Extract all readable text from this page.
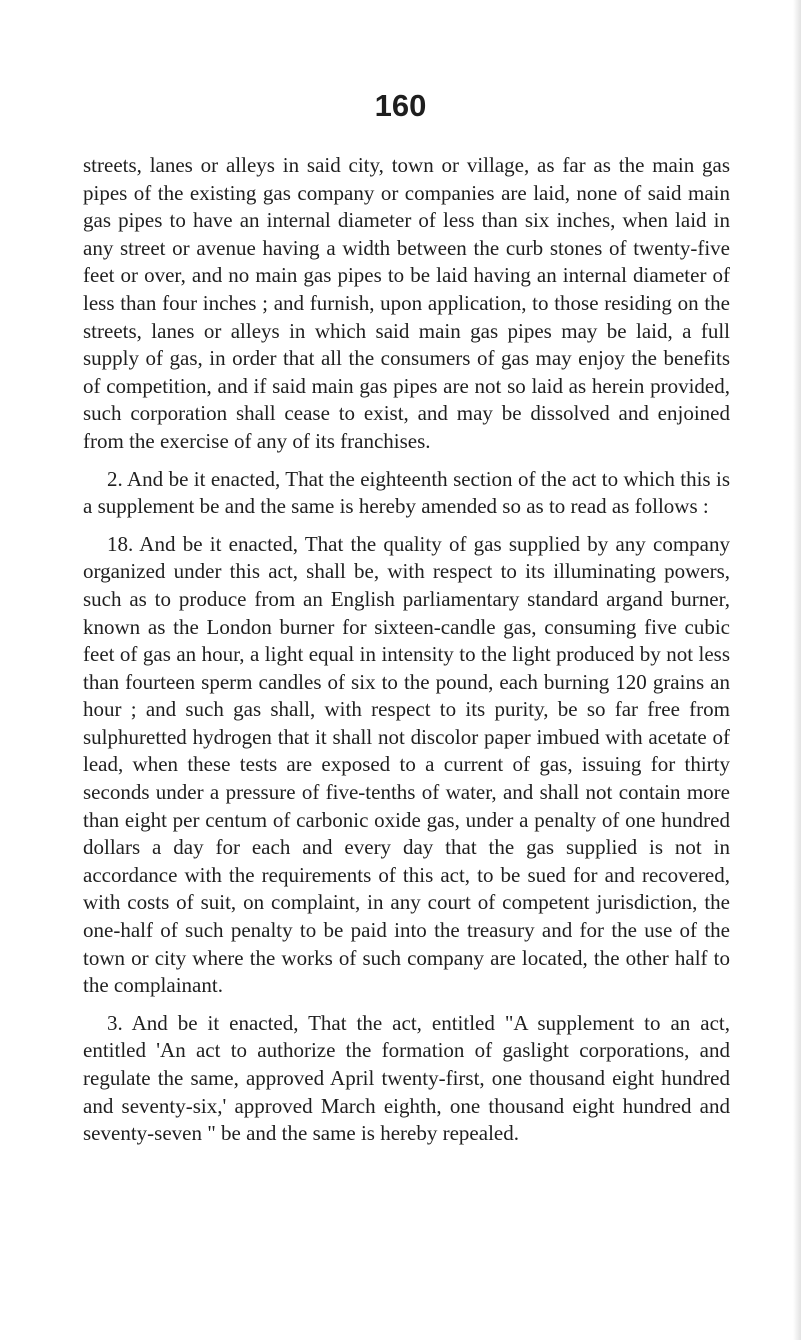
160

streets, lanes or alleys in said city, town or village, as far as the main gas pipes of the existing gas company or companies are laid, none of said main gas pipes to have an internal diameter of less than six inches, when laid in any street or avenue having a width between the curb stones of twenty-five feet or over, and no main gas pipes to be laid having an internal diameter of less than four inches ; and furnish, upon application, to those residing on the streets, lanes or alleys in which said main gas pipes may be laid, a full supply of gas, in order that all the consumers of gas may enjoy the benefits of competition, and if said main gas pipes are not so laid as herein provided, such corporation shall cease to exist, and may be dissolved and enjoined from the exercise of any of its franchises.

2. And be it enacted, That the eighteenth section of the act to which this is a supplement be and the same is hereby amended so as to read as follows :

18. And be it enacted, That the quality of gas supplied by any company organized under this act, shall be, with respect to its illuminating powers, such as to produce from an English parliamentary standard argand burner, known as the London burner for sixteen-candle gas, consuming five cubic feet of gas an hour, a light equal in intensity to the light produced by not less than fourteen sperm candles of six to the pound, each burning 120 grains an hour ; and such gas shall, with respect to its purity, be so far free from sulphuretted hydrogen that it shall not discolor paper imbued with acetate of lead, when these tests are exposed to a current of gas, issuing for thirty seconds under a pressure of five-tenths of water, and shall not contain more than eight per centum of carbonic oxide gas, under a penalty of one hundred dollars a day for each and every day that the gas supplied is not in accordance with the requirements of this act, to be sued for and recovered, with costs of suit, on complaint, in any court of competent jurisdiction, the one-half of such penalty to be paid into the treasury and for the use of the town or city where the works of such company are located, the other half to the complainant.

3. And be it enacted, That the act, entitled "A supplement to an act, entitled 'An act to authorize the formation of gaslight corporations, and regulate the same, approved April twenty-first, one thousand eight hundred and seventy-six,' approved March eighth, one thousand eight hundred and seventy-seven " be and the same is hereby repealed.
